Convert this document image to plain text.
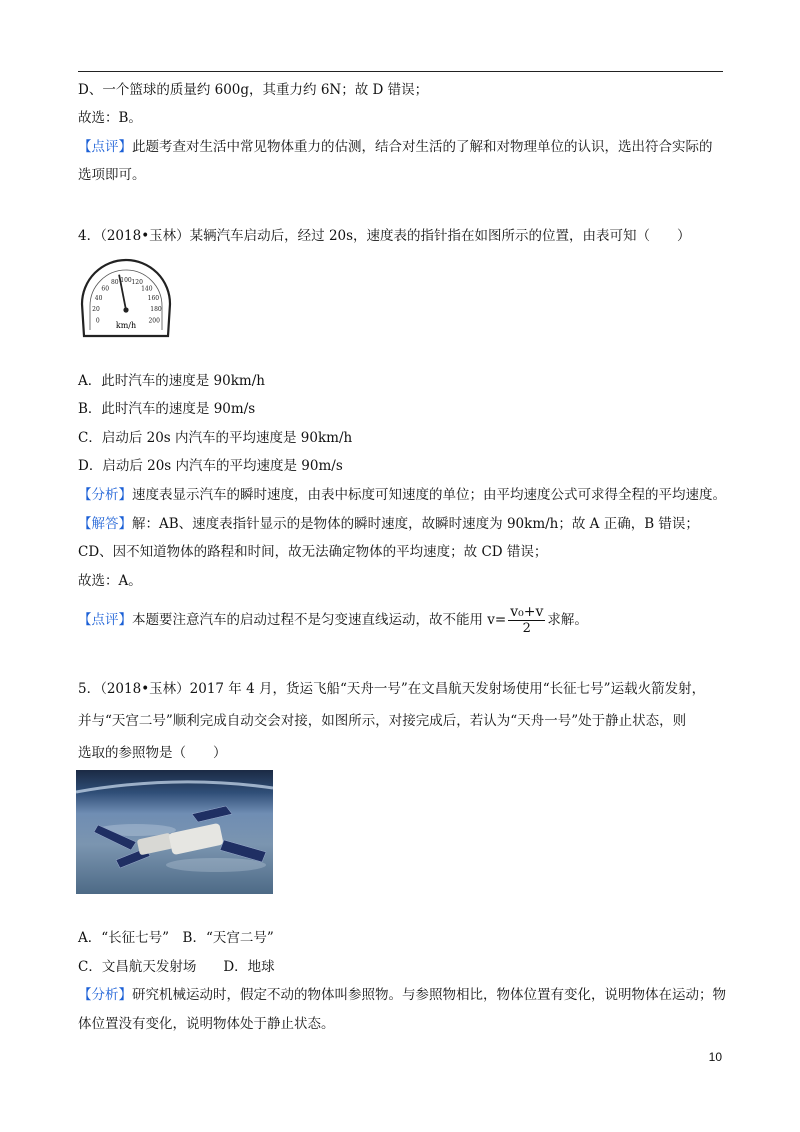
D、一个篮球的质量约 600g，其重力约 6N；故 D 错误；
故选：B。
【点评】此题考查对生活中常见物体重力的估测，结合对生活的了解和对物理单位的认识，选出符合实际的
选项即可。
4．（2018•玉林）某辆汽车启动后，经过 20s，速度表的指针指在如图所示的位置，由表可知（　　）
0
20
40
60
80 100 120
140
160
180
200
km/h
A．此时汽车的速度是 90km/h
B．此时汽车的速度是 90m/s
C．启动后 20s 内汽车的平均速度是 90km/h
D．启动后 20s 内汽车的平均速度是 90m/s
【分析】速度表显示汽车的瞬时速度，由表中标度可知速度的单位；由平均速度公式可求得全程的平均速度。
【解答】解：AB、速度表指针显示的是物体的瞬时速度，故瞬时速度为 90km/h；故 A 正确，B 错误；
CD、因不知道物体的路程和时间，故无法确定物体的平均速度；故 CD 错误；
故选：A。
【点评】本题要注意汽车的启动过程不是匀变速直线运动，故不能用 $v= \frac{\text{v₀+v}}{2}$ 求解。
5．（2018•玉林）2017 年 4 月，货运飞船“天舟一号”在文昌航天发射场使用“长征七号”运载火箭发射，
并与“天宫二号”顺利完成自动交会对接，如图所示，对接完成后，若认为“天舟一号”处于静止状态，则
选取的参照物是（　　）
A．“长征七号”　B．“天宫二号”
C．文昌航天发射场　　D．地球
【分析】研究机械运动时，假定不动的物体叫参照物。与参照物相比，物体位置有变化，说明物体在运动；物
体位置没有变化，说明物体处于静止状态。
10
